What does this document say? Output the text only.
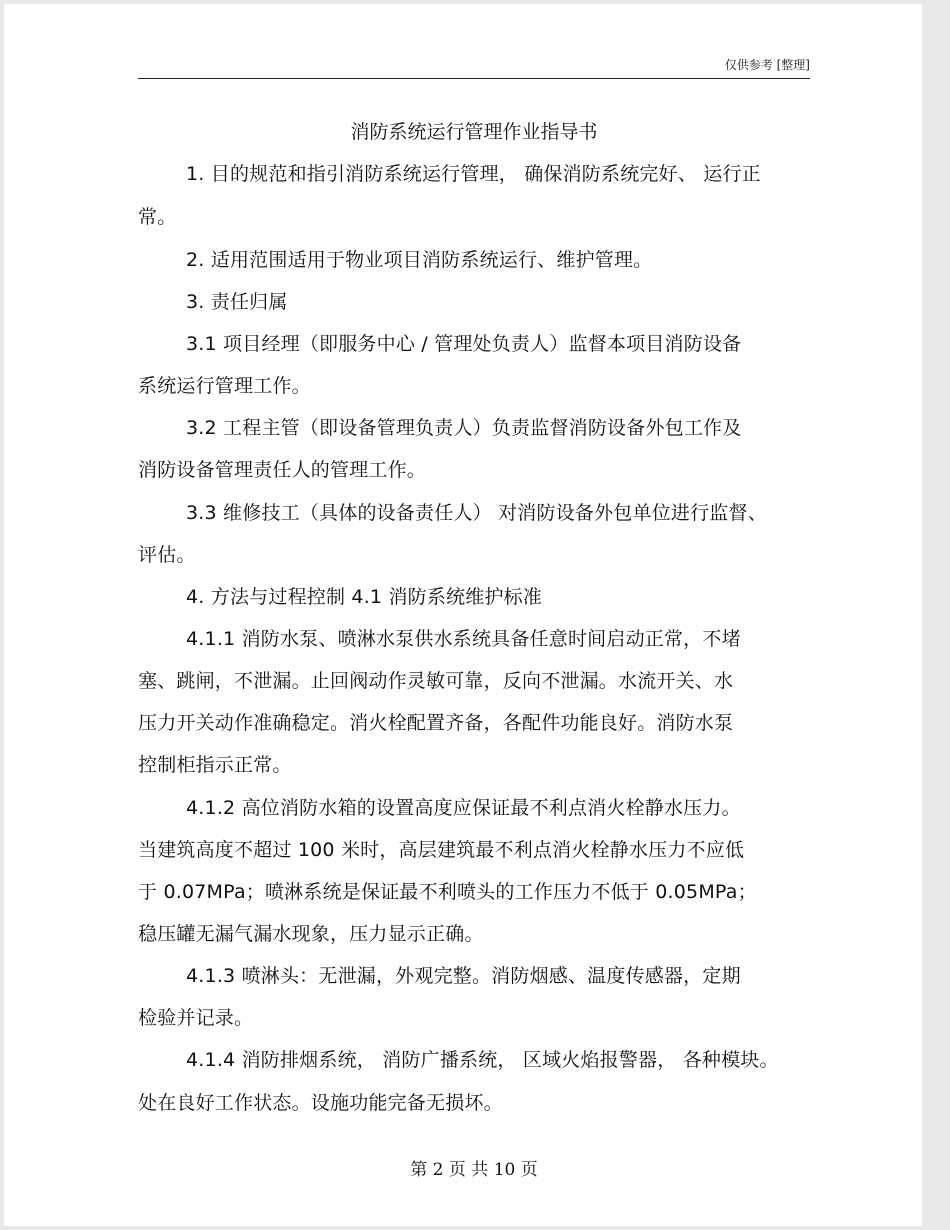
仅供参考 [整理]
消防系统运行管理作业指导书
1. 目的规范和指引消防系统运行管理， 确保消防系统完好、 运行正
常。
2. 适用范围适用于物业项目消防系统运行、维护管理。
3. 责任归属
3.1 项目经理（即服务中心 / 管理处负责人）监督本项目消防设备
系统运行管理工作。
3.2 工程主管（即设备管理负责人）负责监督消防设备外包工作及
消防设备管理责任人的管理工作。
3.3 维修技工（具体的设备责任人） 对消防设备外包单位进行监督、
评估。
4. 方法与过程控制 4.1 消防系统维护标准
4.1.1 消防水泵、喷淋水泵供水系统具备任意时间启动正常，不堵
塞、跳闸，不泄漏。止回阀动作灵敏可靠，反向不泄漏。水流开关、水
压力开关动作准确稳定。消火栓配置齐备，各配件功能良好。消防水泵
控制柜指示正常。
4.1.2 高位消防水箱的设置高度应保证最不利点消火栓静水压力。
当建筑高度不超过 100 米时，高层建筑最不利点消火栓静水压力不应低
于 0.07MPa；喷淋系统是保证最不利喷头的工作压力不低于 0.05MPa；
稳压罐无漏气漏水现象，压力显示正确。
4.1.3 喷淋头：无泄漏，外观完整。消防烟感、温度传感器，定期
检验并记录。
4.1.4 消防排烟系统， 消防广播系统， 区域火焰报警器， 各种模块。
处在良好工作状态。设施功能完备无损坏。
第 2 页 共 10 页
